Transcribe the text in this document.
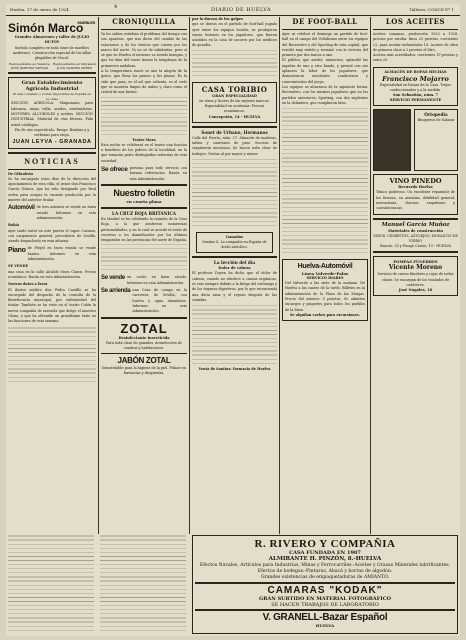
Huelva, 17 de enero de 1924	4	DIARIO DE HUELVA	Talleres: CONCE P.º 1
Simón Marco
MUEBLES
Grandes Almacenes y taller de JULIO DUTOY
Surtido completo en toda clase de muebles modernos. Construcción especial de los sillas plegables de Viscol.
Representante en Valencia
JOSÉ JIMÉNEZ VARGAS
Representante en Gibraleón
JUAN ZAMORA PÉREZ
Gran Establecimiento Agrícola Industrial
El más completo y el más importante de España en su clase
SECCIÓN AGRÍCOLA: Maquinaria para labranza, siega, trilla, arados, sembradoras. MOTORES. ALCOHOLES y aceites. SECCIÓN INDUSTRIAL. Material de vías férreas. Pida usted catálogos.
Fin de año espectáculo. Ruego: Bombas y y verbenas para riego.
JUAN LEYVA - GRANADA
NOTICIAS
De Gibraleón
Se ha encargado estos días de la dirección del Ayuntamiento de esta villa, el señor don Francisco García Gómez, que ha sido designado por Real orden para ocupar la vacante producida por la muerte del anterior titular.
Automóvil de tres asientos se vende en buen estado. Informes en esta administración.
Bahía
Ayer tarde entró en este puerto el vapor Carmen, con cargamento general, procedente de Sevilla, siendo despachado en esta aduana.
Piano de Pleyel en buen estado se vende barato. Informes en esta Administración.
SE VENDE
una casa en la calle Alcalde Mora Claros. Precio económico. Razón en esta Administración.
Nuevos datos a favor
El ilustre médico don Pedro Castillo se ha encargado del despacho de la consulta de la Beneficencia municipal, por enfermedad del titular. También se ha visto en el teatro Colón la nueva compañía de zarzuela que dirige el maestro Olona, y que ha obtenido un grandísimo éxito en las funciones de esta semana.
CRONIQUILLA
Ya los sabios estudian el problema del tiempo con sus aparatos, que nos dicen del cambio de las estaciones y de los vientos que corren por los mares del norte. Yo no sé de sabidurías, pero sí sé que en Huelva el invierno va siendo benigno, y que los días del enero tienen la templanza de la primavera andaluza.
A la temperatura suave se une la alegría de la gente, que llena los paseos y las plazas. Es la vida que pasa, es el sol que calienta, es el cielo que se muestra limpio de nubes y claro como el cristal de una fuente.
Teatro Mora
Esta noche se celebrará en el teatro una función a beneficio de los pobres de la localidad, en la que tomarán parte distinguidas señoritas de esta sociedad.
Se ofrece persona para todo servicio con buenas referencias. Razón en esta Administración.
Nuestro folletín
en cuarta plana
LA CRUZ ROJA BRITÁNICA
En Madrid se ha celebrado la reunión de la Cruz Roja, a la que asistieron numerosas personalidades, y en la cual se acordó el envío de socorros a los damnificados por los últimos temporales en las provincias del norte de España.
Se vende un coche en buen estado. Informes en esta Administración.
Se arrienda una Casa de campo en la carretera de Sevilla, con huerta y agua abundante. Informes en esta Administración.
ZOTAL
Desinfectante insecticida
Para toda clase de ganados, desinfección de cuadras y habitaciones.
JABÓN ZOTAL
Insustituible para la higiene de la piel. Pídase en farmacias y droguerías.
por la dureza de los golpes
que se dieron en el partido de foot-ball jugado ayer entre los equipos locales, se produjeron varias lesiones en los jugadores, que fueron asistidos en la casa de socorro por los médicos de guardia.
CASA TORIBIO
GRAN ESPECIALIDAD
en vinos y licores de las mejores marcas. Especialidad en aceitunas. Precios económicos.
Concepción, 14 - HUELVA
Sonet de Urbano, Hermanos
Calle del Puerto, núm. 27. Almacén de maderas, tablas y cuartones de pino. Sección de carpintería mecánica. Se hacen toda clase de trabajos. Ventas al por mayor y menor.
Ganadas
Sanitas S. La compañía en España de ácido salicílico.
La lección del día
Dolor de cabeza
El profesor Doyen ha dicho que el dolor de cabeza, cuando no obedece a causas orgánicas, es casi siempre debido a la fatiga del estómago y de los órganos digestivos, por lo que recomienda una dieta sana y el reposo después de las comidas.
Venta de Sanitas: Farmacia de Huelva
DE FOOT-BALL
Ayer se celebró el domingo un partido de foot-ball en el campo del Velódromo entre los equipos del Recreativo y del Sporting de esta capital, que resultó muy reñido y terminó con la victoria del primero por dos tantos a uno.
El público que asistió, numeroso, aplaudió las jugadas de uno y otro bando, y premió con sus aplausos la labor de los jugadores, que demostraron excelentes condiciones y conocimientos del juego.
Los equipos se alinearon de la siguiente forma: Recreativo, con los mismos jugadores que en los partidos anteriores; Sporting, con dos suplentes en la delantera, que cumplieron bien.
Huelva-Automóvil
Línea Valverde-Palos
SERVICIO DIARIO
Del Valverde a las siete de la mañana. De Huelva a las cuatro de la tarde. Billetes en la administración de la Plaza de las Monjas. Precio del asiento: 3 pesetas. Se admiten encargos y paquetes para todos los pueblos de la línea.
Se alquilan coches para excursiones.
LOS ACEITES
Aceites comunes, producción 1923 a 1924, precios por arroba: finos 25 pesetas, corrientes 22, para aceitar industriales 18. Aceites de oliva de primera clase a 2 pesetas el litro.
Aceites más acreditados: corrientes 19 pesetas y extra 20.
ALMACÉN DE ROPAS HECHAS
Francisco Mojarro
Especialidad en blusas de la Casa. Trajes confeccionados y a la medida.
San Sebastián, núm. 7
SERVICIO PERMANENTE
Ortopedia
Bragueros de Salazar
VINO PINEDO
Recuerdo Huelva
Tónico poderoso. Un excelente reparador de las fuerzas, en anemias, debilidad general, neurastenia, clorosis, raquitismo y convalecencias.
Manuel García Muñoz
Materiales de construcción
YESOS, CEMENTOS, AZULEJOS, MOSAICOS DE VIDRIO
Rascón, 53 y Pasaje Castro, 19 - HUELVA
POMPAS FÚNEBRES
Vicente Moreno
Servicio de carros fúnebres y cajas de todas clases. Se encargan de los traslados de cadáveres.
José Nogales, 18
R. RIVERO Y COMPAÑIA
CASA FUNDADA EN 1907
ALMIRANTE H. PINZÓN, 8.-HUELVA
Efectos Navales, Artículos para Industrias, Minas y Ferrocarriles.-Aceites y Grasas Minerales lubrificantes.
Efectos de bodegas.-Pinturas, Abacá y borras de algodón.
Grandes existencias de empaquetaduras de AMIANTO.
CAMARAS "KODAK"
GRAN SURTIDO EN MATERIAL FOTOGRÁFICO
SE HACEN TRABAJOS DE LABORATORIO
V. GRANELL-Bazar Español
HUELVA
